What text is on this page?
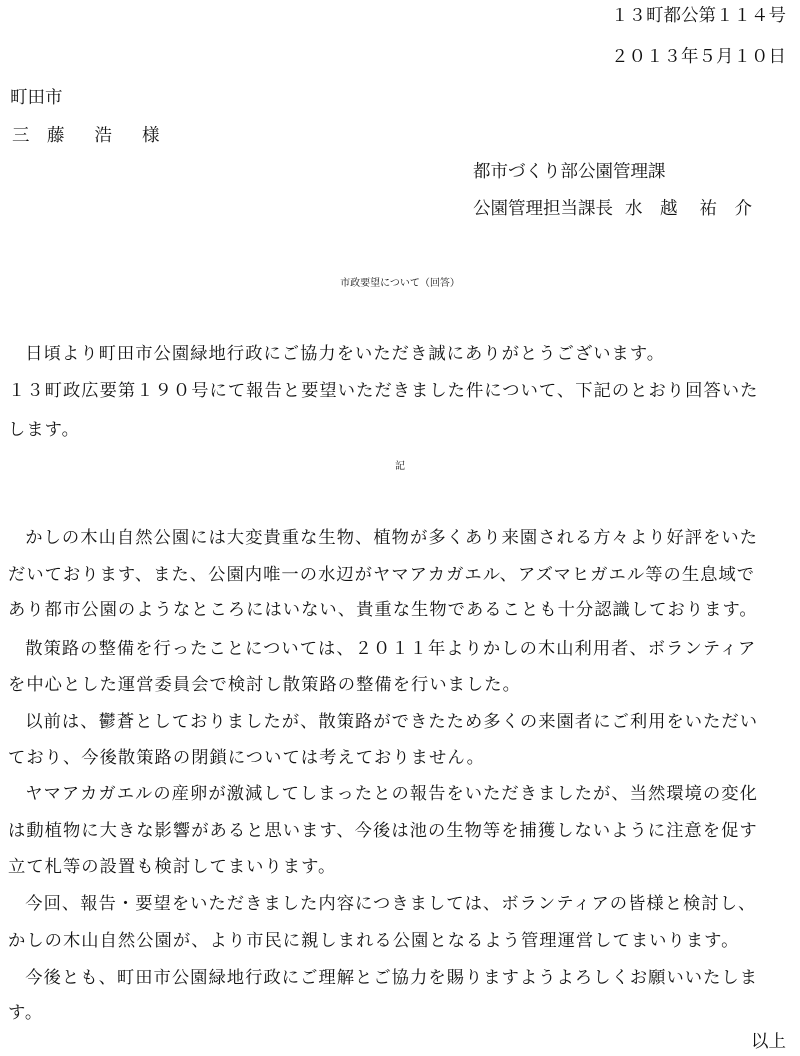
１３町都公第１１４号
２０１３年５月１０日
町田市
三　藤 浩 様
都市づくり部公園管理課
公園管理担当課長 水　越 祐　介
市政要望について（回答）
日頃より町田市公園緑地行政にご協力をいただき誠にありがとうございます。
１３町政広要第１９０号にて報告と要望いただきました件について、下記のとおり回答いた
します。
記
かしの木山自然公園には大変貴重な生物、植物が多くあり来園される方々より好評をいた
だいております、また、公園内唯一の水辺がヤマアカガエル、アズマヒガエル等の生息域で
あり都市公園のようなところにはいない、貴重な生物であることも十分認識しております。
散策路の整備を行ったことについては、２０１１年よりかしの木山利用者、ボランティア
を中心とした運営委員会で検討し散策路の整備を行いました。
以前は、鬱蒼としておりましたが、散策路ができたため多くの来園者にご利用をいただい
ており、今後散策路の閉鎖については考えておりません。
ヤマアカガエルの産卵が激減してしまったとの報告をいただきましたが、当然環境の変化
は動植物に大きな影響があると思います、今後は池の生物等を捕獲しないように注意を促す
立て札等の設置も検討してまいります。
今回、報告・要望をいただきました内容につきましては、ボランティアの皆様と検討し、
かしの木山自然公園が、より市民に親しまれる公園となるよう管理運営してまいります。
今後とも、町田市公園緑地行政にご理解とご協力を賜りますようよろしくお願いいたしま
す。
以上
